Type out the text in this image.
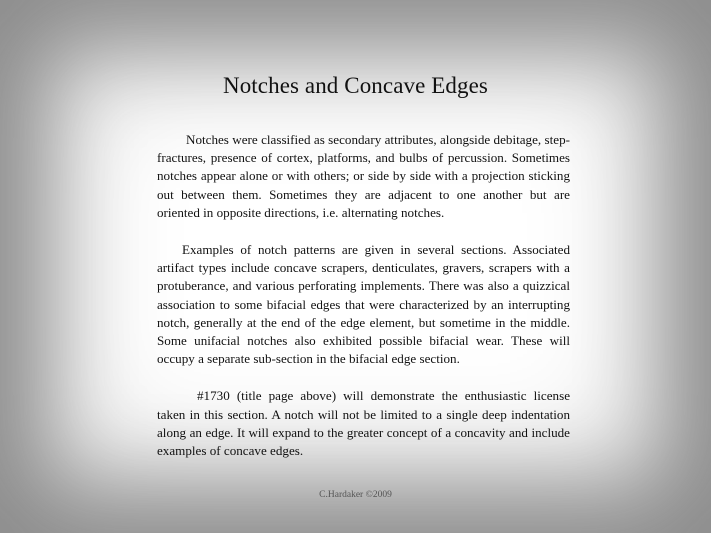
Notches and Concave Edges

Notches were classified as secondary attributes, alongside debitage, step-fractures, presence of cortex, platforms, and bulbs of percussion. Sometimes notches appear alone or with others; or side by side with a projection sticking out between them. Sometimes they are adjacent to one another but are oriented in opposite directions, i.e. alternating notches.

Examples of notch patterns are given in several sections. Associated artifact types include concave scrapers, denticulates, gravers, scrapers with a protuberance, and various perforating implements. There was also a quizzical association to some bifacial edges that were characterized by an interrupting notch, generally at the end of the edge element, but sometime in the middle. Some unifacial notches also exhibited possible bifacial wear. These will occupy a separate sub-section in the bifacial edge section.

#1730 (title page above) will demonstrate the enthusiastic license taken in this section. A notch will not be limited to a single deep indentation along an edge. It will expand to the greater concept of a concavity and include examples of concave edges.

C.Hardaker ©2009
